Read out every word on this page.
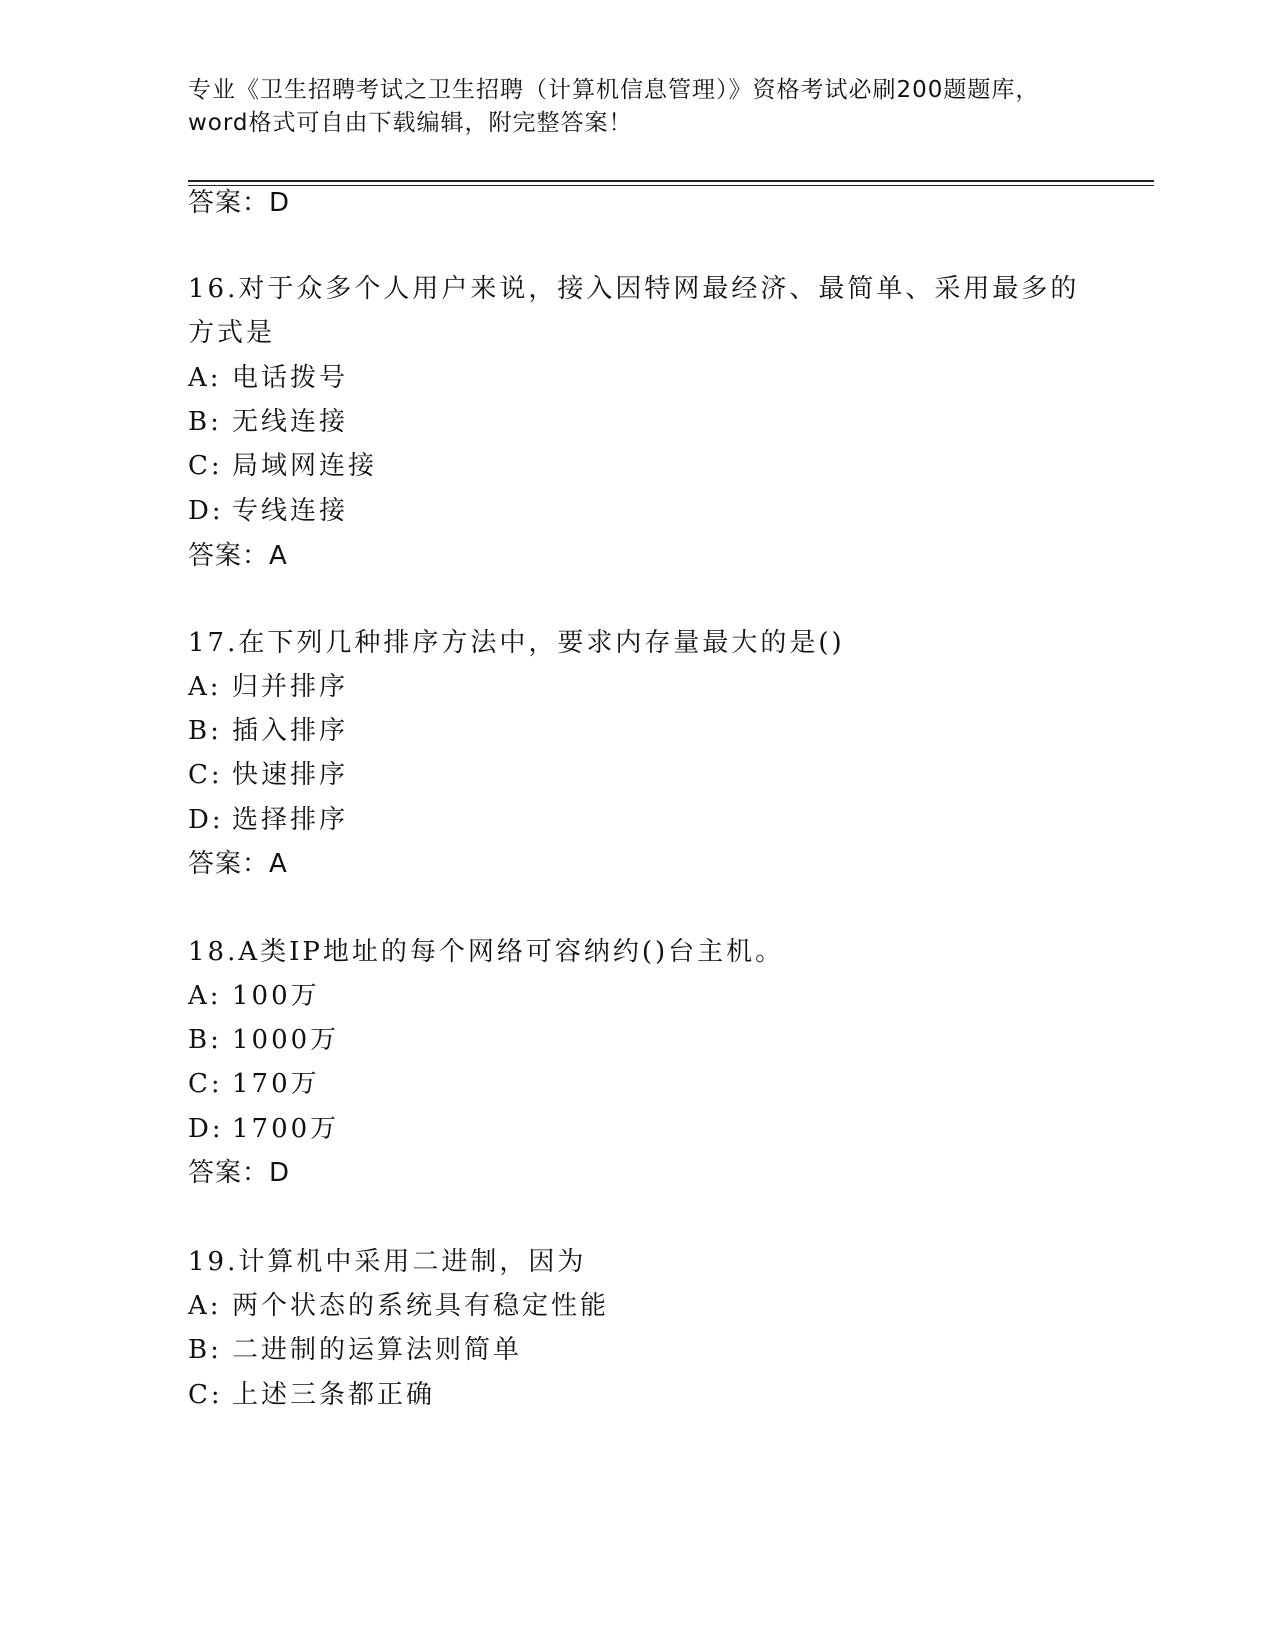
专业《卫生招聘考试之卫生招聘（计算机信息管理）》资格考试必刷200题题库，
word格式可自由下载编辑，附完整答案！
答案：D
16.对于众多个人用户来说，接入因特网最经济、最简单、采用最多的
方式是
A: 电话拨号
B: 无线连接
C: 局域网连接
D: 专线连接
答案：A
17.在下列几种排序方法中，要求内存量最大的是()
A: 归并排序
B: 插入排序
C: 快速排序
D: 选择排序
答案：A
18.A类IP地址的每个网络可容纳约()台主机。
A: 100万
B: 1000万
C: 170万
D: 1700万
答案：D
19.计算机中采用二进制，因为
A: 两个状态的系统具有稳定性能
B: 二进制的运算法则简单
C: 上述三条都正确
